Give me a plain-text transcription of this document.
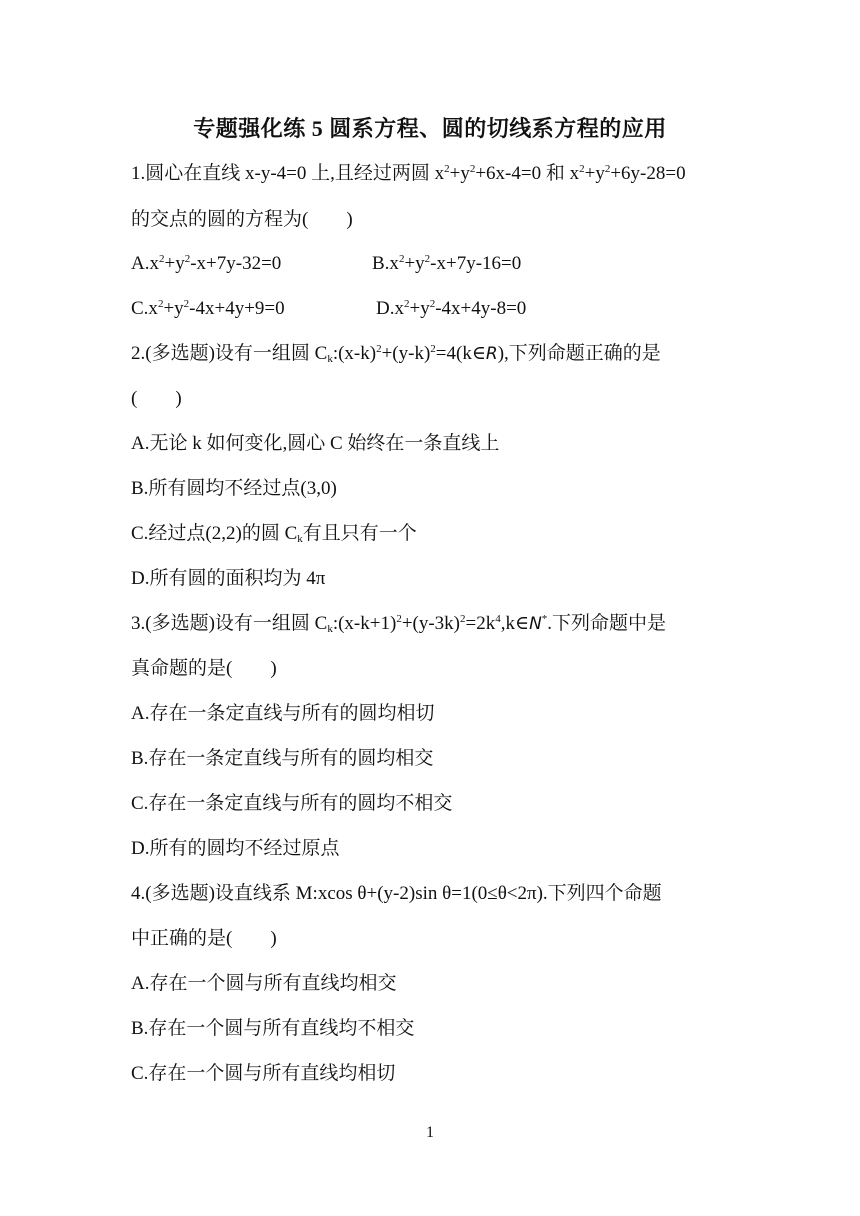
专题强化练 5 圆系方程、圆的切线系方程的应用
1.圆心在直线 x-y-4=0 上,且经过两圆 $x^2+y^2+6x-4=0$ 和 $x^2+y^2+6y-28=0$
的交点的圆的方程为(　　)
$A.x^2+y^2-x+7y-32=0$	$B.x^2+y^2-x+7y-16=0$
$C.x^2+y^2-4x+4y+9=0$	$D.x^2+y^2-4x+4y-8=0$
2.(多选题)设有一组圆 $C_k:(x-k)^2+(y-k)^2=4(k\in R)$,下列命题正确的是
(　　)
A.无论 k 如何变化,圆心 C 始终在一条直线上
B.所有圆均不经过点(3,0)
C.经过点(2,2)的圆 $C_k$有且只有一个
D.所有圆的面积均为 4π
3.(多选题)设有一组圆 $C_k:(x-k+1)^2+(y-3k)^2=2k^4,k\in N^*$.下列命题中是
真命题的是(　　)
A.存在一条定直线与所有的圆均相切
B.存在一条定直线与所有的圆均相交
C.存在一条定直线与所有的圆均不相交
D.所有的圆均不经过原点
4.(多选题)设直线系 M:xcos θ+(y-2)sin θ=1(0≤θ<2π).下列四个命题
中正确的是(　　)
A.存在一个圆与所有直线均相交
B.存在一个圆与所有直线均不相交
C.存在一个圆与所有直线均相切
1
